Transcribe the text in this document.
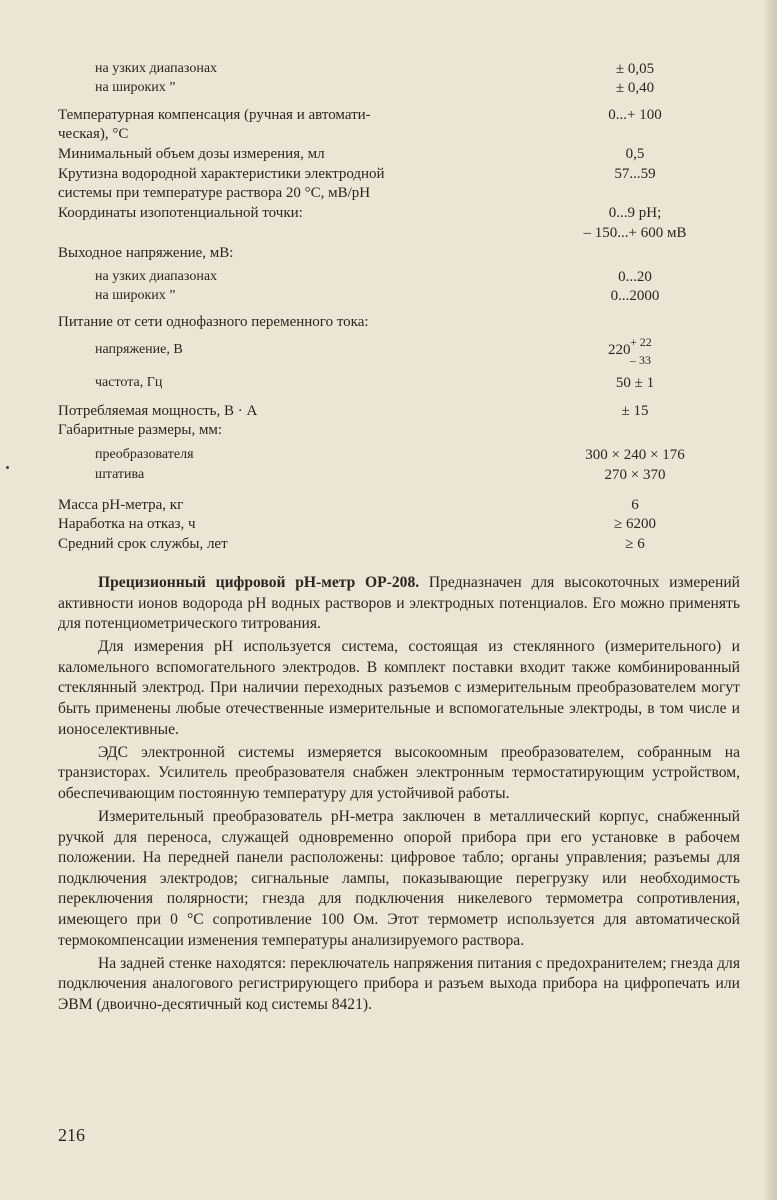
на узких диапазонах	± 0,05
на широких ”	± 0,40
Температурная компенсация (ручная и автомати-	0...+ 100
ческая), °С
Минимальный объем дозы измерения, мл	0,5
Крутизна водородной характеристики электродной	57...59
системы при температуре раствора 20 °С, мВ/pH
Координаты изопотенциальной точки:	0...9 pH;
– 150...+ 600 мВ
Выходное напряжение, мВ:
на узких диапазонах	0...20
на широких ”	0...2000
Питание от сети однофазного переменного тока:
напряжение, В	220 + 22
– 33
частота, Гц	50 ± 1
Потребляемая мощность, В · А	± 15
Габаритные размеры, мм:
преобразователя	300 × 240 × 176
штатива	270 × 370
Масса pH-метра, кг	6
Наработка на отказ, ч	≥ 6200
Средний срок службы, лет	≥ 6

Прецизионный цифровой pH-метр OP-208. Предназначен для высокоточных измерений активности ионов водорода pH водных растворов и электродных потенциалов. Его можно применять для потенциометрического титрования.

Для измерения pH используется система, состоящая из стеклянного (измерительного) и каломельного вспомогательного электродов. В комплект поставки входит также комбинированный стеклянный электрод. При наличии переходных разъемов с измерительным преобразователем могут быть применены любые отечественные измерительные и вспомогательные электроды, в том числе и ионоселективные.

ЭДС электронной системы измеряется высокоомным преобразователем, собранным на транзисторах. Усилитель преобразователя снабжен электронным термостатирующим устройством, обеспечивающим постоянную температуру для устойчивой работы.

Измерительный преобразователь pH-метра заключен в металлический корпус, снабженный ручкой для переноса, служащей одновременно опорой прибора при его установке в рабочем положении. На передней панели расположены: цифровое табло; органы управления; разъемы для подключения электродов; сигнальные лампы, показывающие перегрузку или необходимость переключения полярности; гнезда для подключения никелевого термометра сопротивления, имеющего при 0 °С сопротивление 100 Ом. Этот термометр используется для автоматической термокомпенсации изменения температуры анализируемого раствора.

На задней стенке находятся: переключатель напряжения питания с предохранителем; гнезда для подключения аналогового регистрирующего прибора и разъем выхода прибора на цифропечать или ЭВМ (двоично-десятичный код системы 8421).

216
